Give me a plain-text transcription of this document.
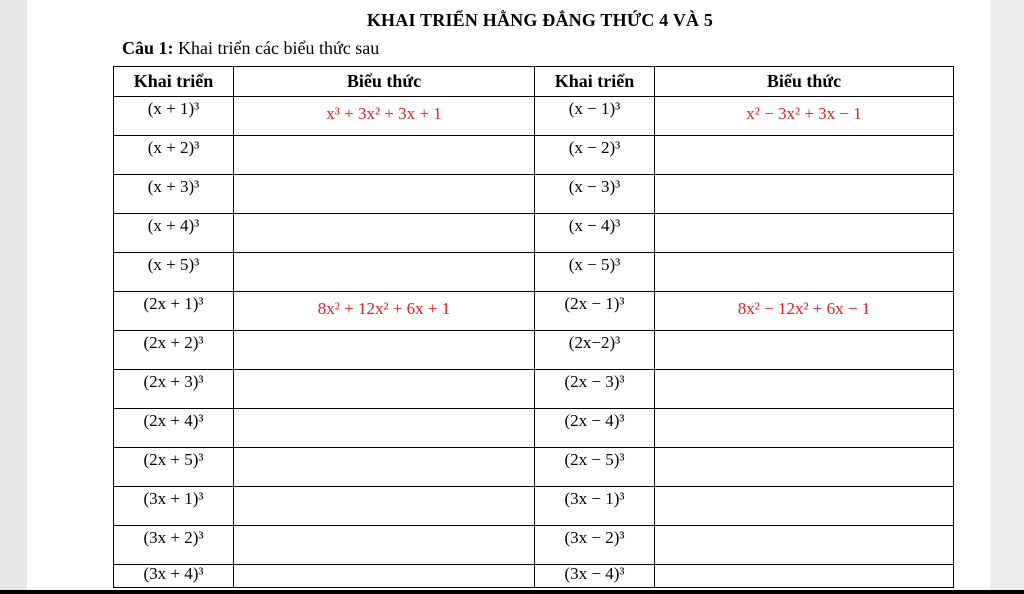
KHAI TRIỂN HẰNG ĐẲNG THỨC 4 VÀ 5
Câu 1: Khai triển các biểu thức sau
Khai triển	Biểu thức	Khai triển	Biểu thức
(x + 1)³	x³ + 3x² + 3x + 1	(x − 1)³	x² − 3x² + 3x − 1
(x + 2)³		(x − 2)³	
(x + 3)³		(x − 3)³	
(x + 4)³		(x − 4)³	
(x + 5)³		(x − 5)³	
(2x + 1)³	8x² + 12x² + 6x + 1	(2x − 1)³	8x² − 12x² + 6x − 1
(2x + 2)³		(2x−2)³	
(2x + 3)³		(2x − 3)³	
(2x + 4)³		(2x − 4)³	
(2x + 5)³		(2x − 5)³	
(3x + 1)³		(3x − 1)³	
(3x + 2)³		(3x − 2)³	
(3x + 4)³		(3x − 4)³	
